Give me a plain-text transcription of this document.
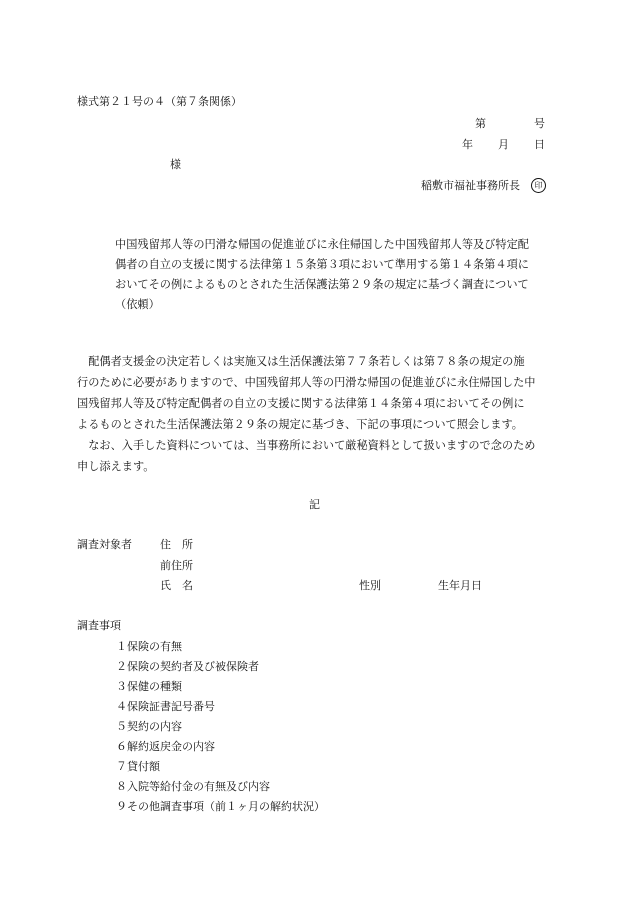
様式第２１号の４（第７条関係）
第	号
年 月 日
様
稲敷市福祉事務所長	印
中国残留邦人等の円滑な帰国の促進並びに永住帰国した中国残留邦人等及び特定配
偶者の自立の支援に関する法律第１５条第３項において準用する第１４条第４項に
おいてその例によるものとされた生活保護法第２９条の規定に基づく調査について
（依頼）
　配偶者支援金の決定若しくは実施又は生活保護法第７７条若しくは第７８条の規定の施
行のために必要がありますので、中国残留邦人等の円滑な帰国の促進並びに永住帰国した中
国残留邦人等及び特定配偶者の自立の支援に関する法律第１４条第４項においてその例に
よるものとされた生活保護法第２９条の規定に基づき、下記の事項について照会します。
　なお、入手した資料については、当事務所において厳秘資料として扱いますので念のため
申し添えます。
記
調査対象者	住　所
前住所
氏　名	性別	生年月日
調査事項
１保険の有無
２保険の契約者及び被保険者
３保健の種類
４保険証書記号番号
５契約の内容
６解約返戻金の内容
７貸付額
８入院等給付金の有無及び内容
９その他調査事項（前１ヶ月の解約状況）
